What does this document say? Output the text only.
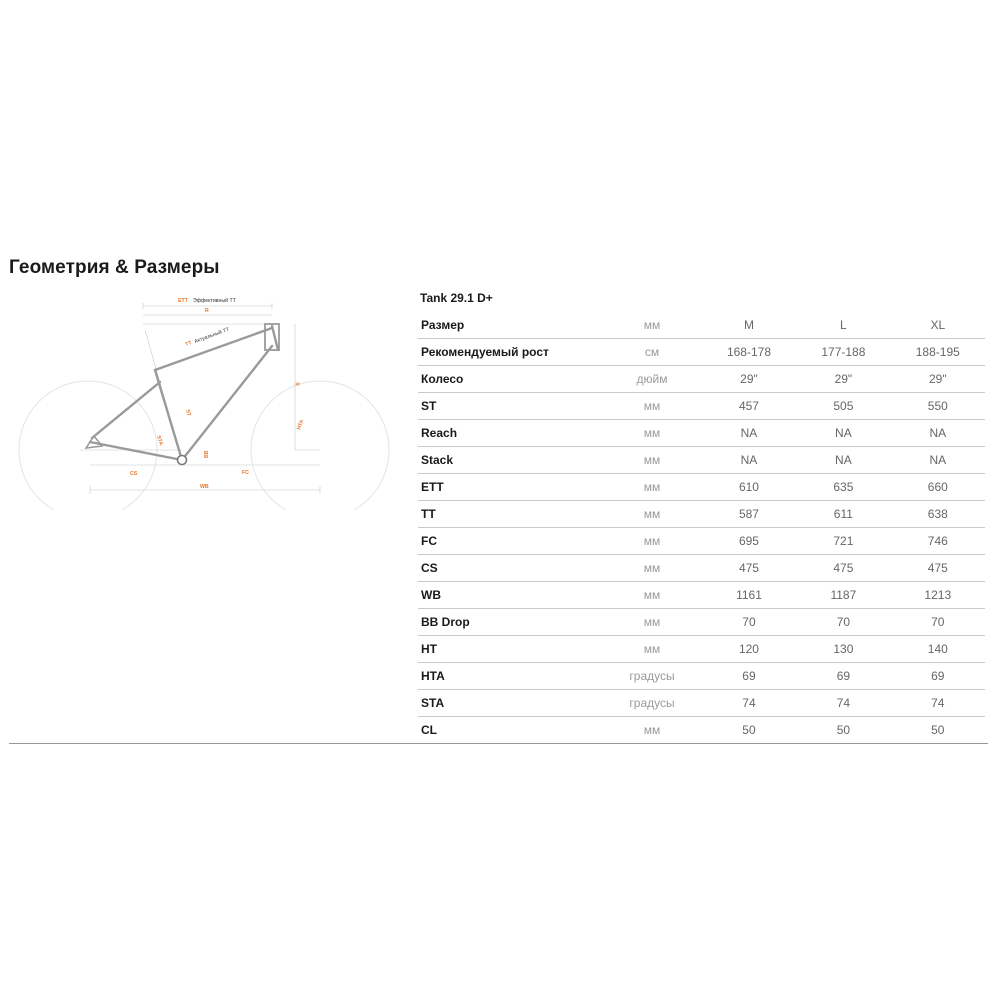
Геометрия & Размеры
ETT Эффективный TT
R
TT Актуальный TT
S
ST
STA
HTA
BB
CS	FC
WB
Tank 29.1 D+
Размер	мм	M	L	XL
Рекомендуемый рост	см	168-178	177-188	188-195
Колесо	дюйм	29"	29"	29"
ST	мм	457	505	550
Reach	мм	NA	NA	NA
Stack	мм	NA	NA	NA
ETT	мм	610	635	660
TT	мм	587	611	638
FC	мм	695	721	746
CS	мм	475	475	475
WB	мм	1161	1187	1213
BB Drop	мм	70	70	70
HT	мм	120	130	140
HTA	градусы	69	69	69
STA	градусы	74	74	74
CL	мм	50	50	50
